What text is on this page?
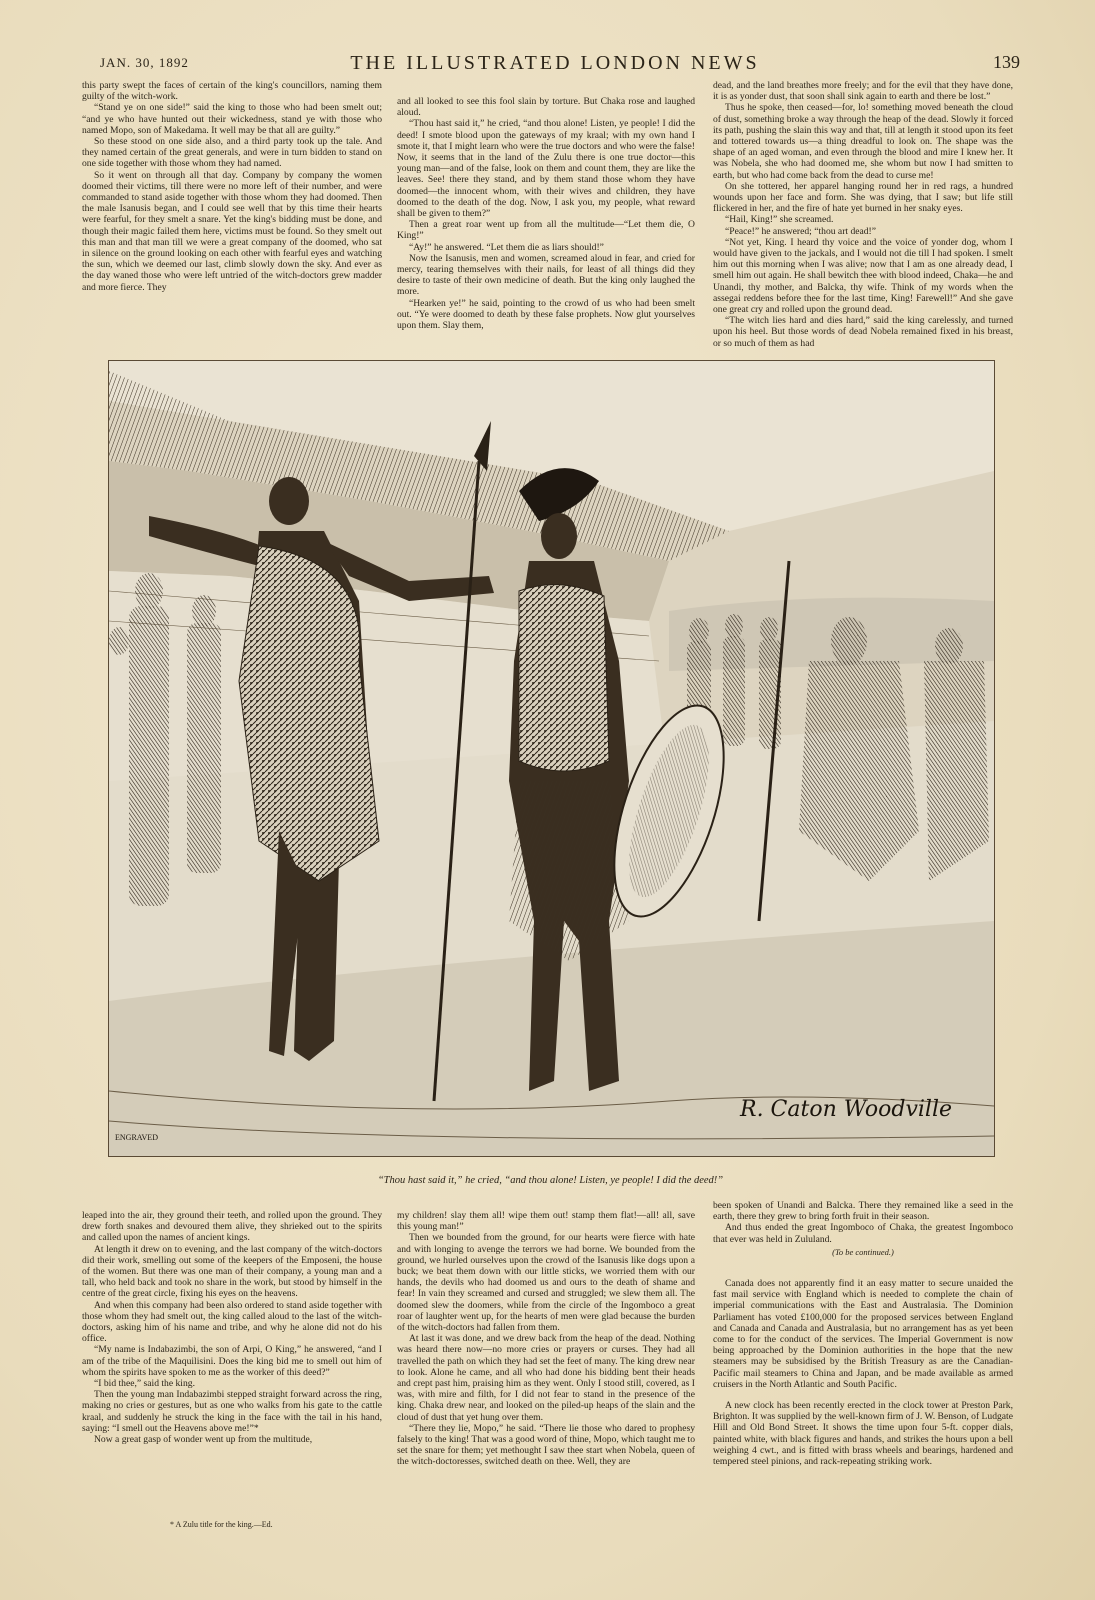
JAN. 30, 1892	THE ILLUSTRATED LONDON NEWS	139

this party swept the faces of certain of the king's councillors, naming them guilty of the witch-work.

“Stand ye on one side!” said the king to those who had been smelt out; “and ye who have hunted out their wickedness, stand ye with those who named Mopo, son of Makedama. It well may be that all are guilty.”

So these stood on one side also, and a third party took up the tale. And they named certain of the great generals, and were in turn bidden to stand on one side together with those whom they had named.

So it went on through all that day. Company by company the women doomed their victims, till there were no more left of their number, and were commanded to stand aside together with those whom they had doomed. Then the male Isanusis began, and I could see well that by this time their hearts were fearful, for they smelt a snare. Yet the king's bidding must be done, and though their magic failed them here, victims must be found. So they smelt out this man and that man till we were a great company of the doomed, who sat in silence on the ground looking on each other with fearful eyes and watching the sun, which we deemed our last, climb slowly down the sky. And ever as the day waned those who were left untried of the witch-doctors grew madder and more fierce. They

and all looked to see this fool slain by torture. But Chaka rose and laughed aloud.

“Thou hast said it,” he cried, “and thou alone! Listen, ye people! I did the deed! I smote blood upon the gateways of my kraal; with my own hand I smote it, that I might learn who were the true doctors and who were the false! Now, it seems that in the land of the Zulu there is one true doctor—this young man—and of the false, look on them and count them, they are like the leaves. See! there they stand, and by them stand those whom they have doomed—the innocent whom, with their wives and children, they have doomed to the death of the dog. Now, I ask you, my people, what reward shall be given to them?”

Then a great roar went up from all the multitude—“Let them die, O King!”

“Ay!” he answered. “Let them die as liars should!”

Now the Isanusis, men and women, screamed aloud in fear, and cried for mercy, tearing themselves with their nails, for least of all things did they desire to taste of their own medicine of death. But the king only laughed the more.

“Hearken ye!” he said, pointing to the crowd of us who had been smelt out. “Ye were doomed to death by these false prophets. Now glut yourselves upon them. Slay them,

dead, and the land breathes more freely; and for the evil that they have done, it is as yonder dust, that soon shall sink again to earth and there be lost.”

Thus he spoke, then ceased—for, lo! something moved beneath the cloud of dust, something broke a way through the heap of the dead. Slowly it forced its path, pushing the slain this way and that, till at length it stood upon its feet and tottered towards us—a thing dreadful to look on. The shape was the shape of an aged woman, and even through the blood and mire I knew her. It was Nobela, she who had doomed me, she whom but now I had smitten to earth, but who had come back from the dead to curse me!

On she tottered, her apparel hanging round her in red rags, a hundred wounds upon her face and form. She was dying, that I saw; but life still flickered in her, and the fire of hate yet burned in her snaky eyes.

“Hail, King!” she screamed.

“Peace!” he answered; “thou art dead!”

“Not yet, King. I heard thy voice and the voice of yonder dog, whom I would have given to the jackals, and I would not die till I had spoken. I smelt him out this morning when I was alive; now that I am as one already dead, I smell him out again. He shall bewitch thee with blood indeed, Chaka—he and Unandi, thy mother, and Balcka, thy wife. Think of my words when the assegai reddens before thee for the last time, King! Farewell!” And she gave one great cry and rolled upon the ground dead.

“The witch lies hard and dies hard,” said the king carelessly, and turned upon his heel. But those words of dead Nobela remained fixed in his breast, or so much of them as had

R. Caton Woodville
ENGRAVED
“Thou hast said it,” he cried, “and thou alone! Listen, ye people! I did the deed!”

leaped into the air, they ground their teeth, and rolled upon the ground. They drew forth snakes and devoured them alive, they shrieked out to the spirits and called upon the names of ancient kings.

At length it drew on to evening, and the last company of the witch-doctors did their work, smelling out some of the keepers of the Emposeni, the house of the women. But there was one man of their company, a young man and a tall, who held back and took no share in the work, but stood by himself in the centre of the great circle, fixing his eyes on the heavens.

And when this company had been also ordered to stand aside together with those whom they had smelt out, the king called aloud to the last of the witch-doctors, asking him of his name and tribe, and why he alone did not do his office.

“My name is Indabazimbi, the son of Arpi, O King,” he answered, “and I am of the tribe of the Maquilisini. Does the king bid me to smell out him of whom the spirits have spoken to me as the worker of this deed?”

“I bid thee,” said the king.

Then the young man Indabazimbi stepped straight forward across the ring, making no cries or gestures, but as one who walks from his gate to the cattle kraal, and suddenly he struck the king in the face with the tail in his hand, saying: “I smell out the Heavens above me!”*

Now a great gasp of wonder went up from the multitude,

my children! slay them all! wipe them out! stamp them flat!—all! all, save this young man!”

Then we bounded from the ground, for our hearts were fierce with hate and with longing to avenge the terrors we had borne. We bounded from the ground, we hurled ourselves upon the crowd of the Isanusis like dogs upon a buck; we beat them down with our little sticks, we worried them with our hands, the devils who had doomed us and ours to the death of shame and fear! In vain they screamed and cursed and struggled; we slew them all. The doomed slew the doomers, while from the circle of the Ingomboco a great roar of laughter went up, for the hearts of men were glad because the burden of the witch-doctors had fallen from them.

At last it was done, and we drew back from the heap of the dead. Nothing was heard there now—no more cries or prayers or curses. They had all travelled the path on which they had set the feet of many. The king drew near to look. Alone he came, and all who had done his bidding bent their heads and crept past him, praising him as they went. Only I stood still, covered, as I was, with mire and filth, for I did not fear to stand in the presence of the king. Chaka drew near, and looked on the piled-up heaps of the slain and the cloud of dust that yet hung over them.

“There they lie, Mopo,” he said. “There lie those who dared to prophesy falsely to the king! That was a good word of thine, Mopo, which taught me to set the snare for them; yet methought I saw thee start when Nobela, queen of the witch-doctoresses, switched death on thee. Well, they are

been spoken of Unandi and Balcka. There they remained like a seed in the earth, there they grew to bring forth fruit in their season.

And thus ended the great Ingomboco of Chaka, the greatest Ingomboco that ever was held in Zululand.

(To be continued.)

Canada does not apparently find it an easy matter to secure unaided the fast mail service with England which is needed to complete the chain of imperial communications with the East and Australasia. The Dominion Parliament has voted £100,000 for the proposed services between England and Canada and Canada and Australasia, but no arrangement has as yet been come to for the conduct of the services. The Imperial Government is now being approached by the Dominion authorities in the hope that the new steamers may be subsidised by the British Treasury as are the Canadian-Pacific mail steamers to China and Japan, and be made available as armed cruisers in the North Atlantic and South Pacific.

A new clock has been recently erected in the clock tower at Preston Park, Brighton. It was supplied by the well-known firm of J. W. Benson, of Ludgate Hill and Old Bond Street. It shows the time upon four 5-ft. copper dials, painted white, with black figures and hands, and strikes the hours upon a bell weighing 4 cwt., and is fitted with brass wheels and bearings, hardened and tempered steel pinions, and rack-repeating striking work.

* A Zulu title for the king.—Ed.
